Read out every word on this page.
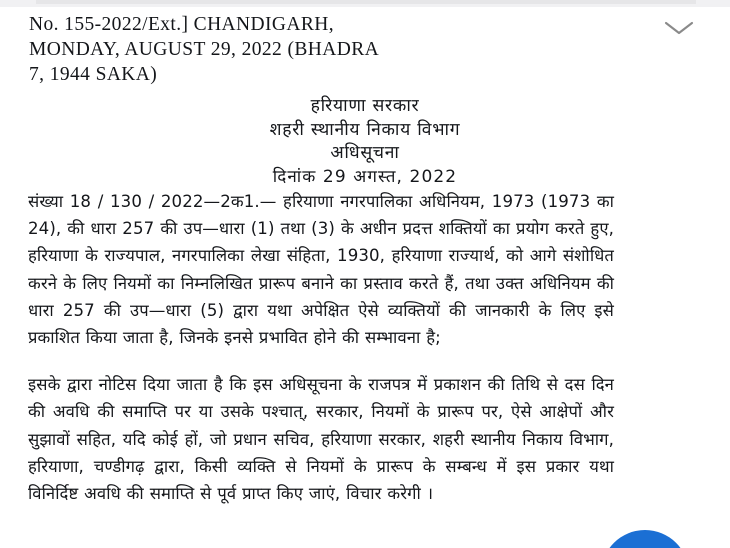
No. 155-2022/Ext.] CHANDIGARH,
MONDAY, AUGUST 29, 2022 (BHADRA
7, 1944 SAKA)
हरियाणा सरकार
शहरी स्थानीय निकाय विभाग
अधिसूचना
दिनांक 29 अगस्त, 2022

संख्या 18 / 130 / 2022—2क1.— हरियाणा नगरपालिका अधिनियम, 1973 (1973 का 24), की धारा 257 की उप—धारा (1) तथा (3) के अधीन प्रदत्त शक्तियों का प्रयोग करते हुए, हरियाणा के राज्यपाल, नगरपालिका लेखा संहिता, 1930, हरियाणा राज्यार्थ, को आगे संशोधित करने के लिए नियमों का निम्नलिखित प्रारूप बनाने का प्रस्ताव करते हैं, तथा उक्त अधिनियम की धारा 257 की उप—धारा (5) द्वारा यथा अपेक्षित ऐसे व्यक्तियों की जानकारी के लिए इसे प्रकाशित किया जाता है, जिनके इनसे प्रभावित होने की सम्भावना है;

इसके द्वारा नोटिस दिया जाता है कि इस अधिसूचना के राजपत्र में प्रकाशन की तिथि से दस दिन की अवधि की समाप्ति पर या उसके पश्चात्, सरकार, नियमों के प्रारूप पर, ऐसे आक्षेपों और सुझावों सहित, यदि कोई हों, जो प्रधान सचिव, हरियाणा सरकार, शहरी स्थानीय निकाय विभाग, हरियाणा, चण्डीगढ़ द्वारा, किसी व्यक्ति से नियमों के प्रारूप के सम्बन्ध में इस प्रकार यथा विनिर्दिष्ट अवधि की समाप्ति से पूर्व प्राप्त किए जाएं, विचार करेगी ।
